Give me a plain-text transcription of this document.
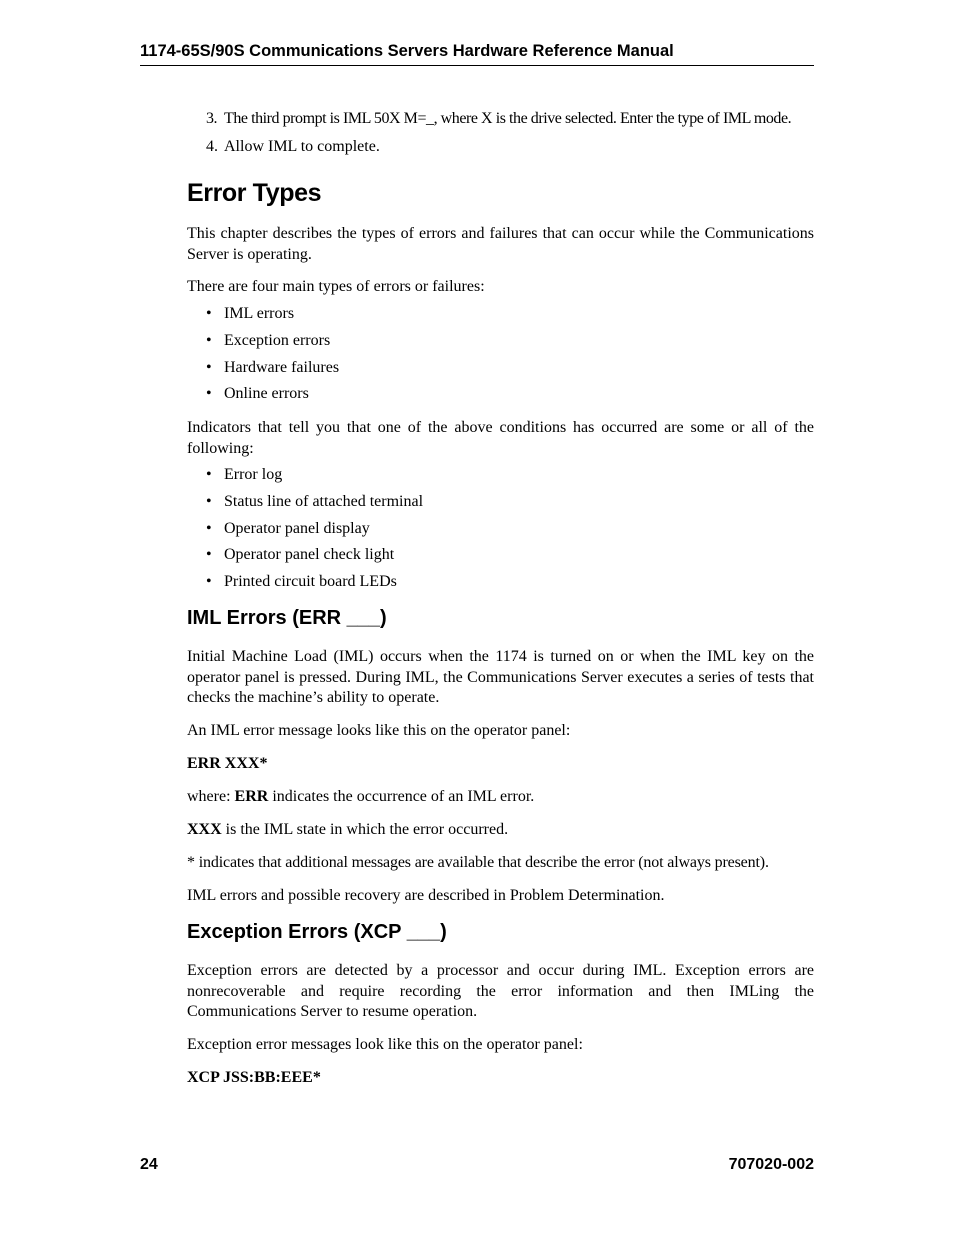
1174-65S/90S Communications Servers Hardware Reference Manual
3. The third prompt is IML 50X M=_, where X is the drive selected. Enter the type of IML mode.
4. Allow IML to complete.
Error Types
This chapter describes the types of errors and failures that can occur while the Communications Server is operating.
There are four main types of errors or failures:
• IML errors
• Exception errors
• Hardware failures
• Online errors
Indicators that tell you that one of the above conditions has occurred are some or all of the following:
• Error log
• Status line of attached terminal
• Operator panel display
• Operator panel check light
• Printed circuit board LEDs
IML Errors (ERR ___)
Initial Machine Load (IML) occurs when the 1174 is turned on or when the IML key on the operator panel is pressed. During IML, the Communications Server executes a series of tests that checks the machine’s ability to operate.
An IML error message looks like this on the operator panel:
ERR XXX*
where: ERR indicates the occurrence of an IML error.
XXX is the IML state in which the error occurred.
* indicates that additional messages are available that describe the error (not always present).
IML errors and possible recovery are described in Problem Determination.
Exception Errors (XCP ___)
Exception errors are detected by a processor and occur during IML. Exception errors are nonrecoverable and require recording the error information and then IMLing the Communications Server to resume operation.
Exception error messages look like this on the operator panel:
XCP JSS:BB:EEE*
24	707020-002
